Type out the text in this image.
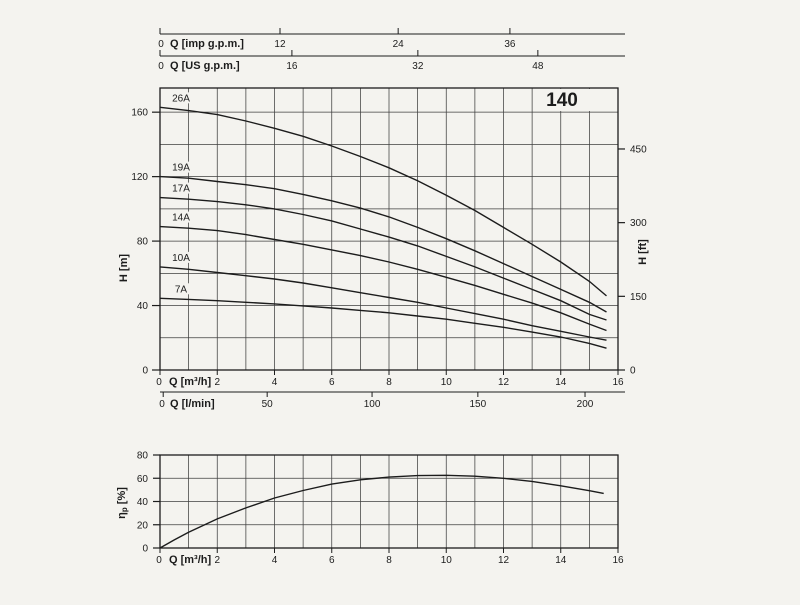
0	12	24	36
Q [imp g.p.m.]
0	16	32	48
Q [US g.p.m.]
26A
19A
17A
14A
10A
7A
140
0
40
80
120
160
H [m]
0
150
300
450
H [ft]
0	2	4	6	8	10	12	14	16
Q [m³/h]
0	50	100	150	200
Q [l/min]
0
20
40
60
80
ηp [%]
0	2	4	6	8	10	12	14	16
Q [m³/h]
